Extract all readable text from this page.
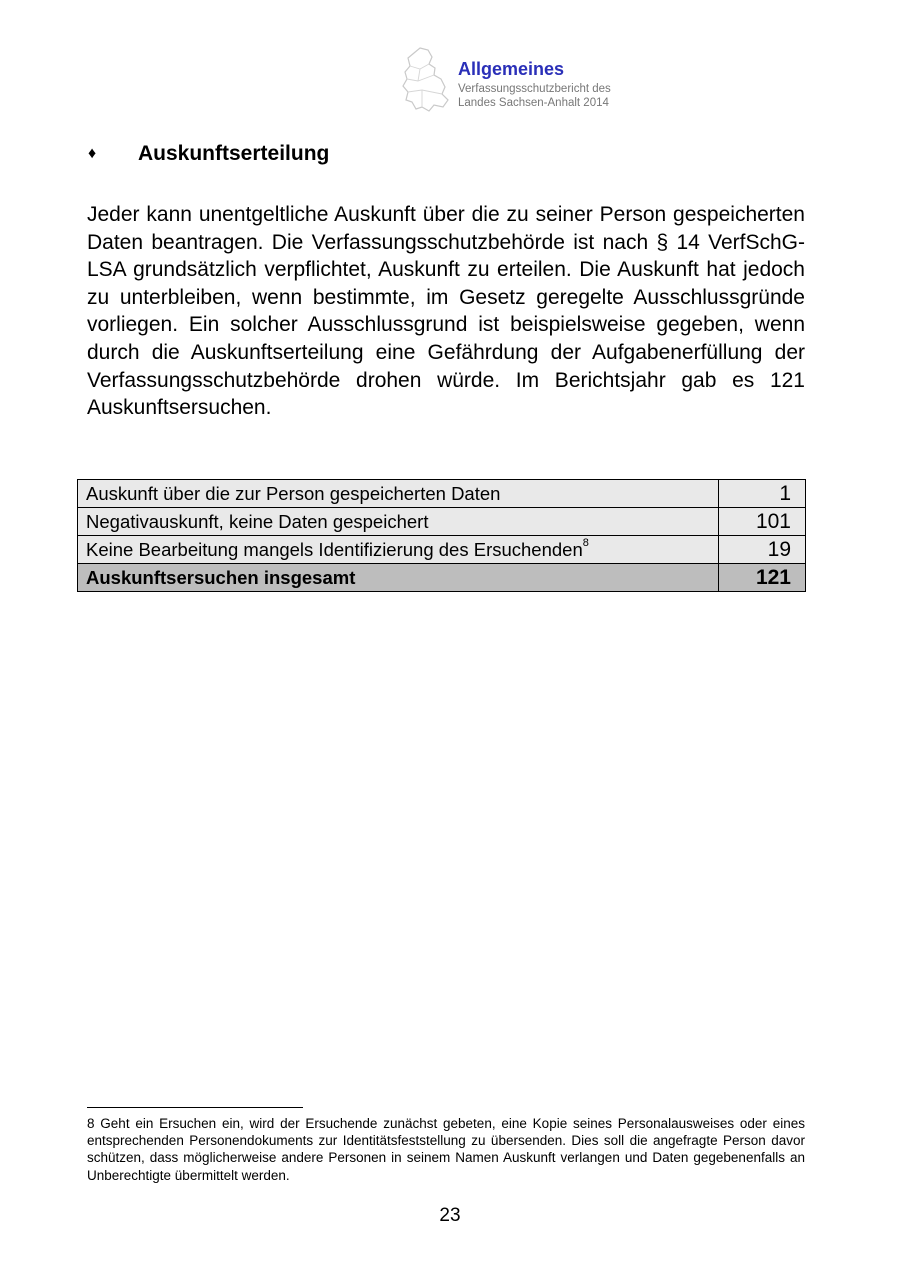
Allgemeines
Verfassungsschutzbericht des
Landes Sachsen-Anhalt 2014
♦ Auskunftserteilung

Jeder kann unentgeltliche Auskunft über die zu seiner Person gespeicherten Daten beantragen. Die Verfassungsschutzbehörde ist nach § 14 VerfSchG-LSA grundsätzlich verpflichtet, Auskunft zu erteilen. Die Auskunft hat jedoch zu unterbleiben, wenn bestimmte, im Gesetz geregelte Ausschlussgründe vorliegen. Ein solcher Ausschlussgrund ist beispielsweise gegeben, wenn durch die Auskunftserteilung eine Gefährdung der Aufgabenerfüllung der Verfassungsschutzbehörde drohen würde. Im Berichtsjahr gab es 121 Auskunftsersuchen.

Auskunft über die zur Person gespeicherten Daten	1
Negativauskunft, keine Daten gespeichert	101
Keine Bearbeitung mangels Identifizierung des Ersuchenden$^8$	19
Auskunftsersuchen insgesamt	121

8 Geht ein Ersuchen ein, wird der Ersuchende zunächst gebeten, eine Kopie seines Personalausweises oder eines entsprechenden Personendokuments zur Identitätsfeststellung zu übersenden. Dies soll die angefragte Person davor schützen, dass möglicherweise andere Personen in seinem Namen Auskunft verlangen und Daten gegebenenfalls an Unberechtigte übermittelt werden.

23
